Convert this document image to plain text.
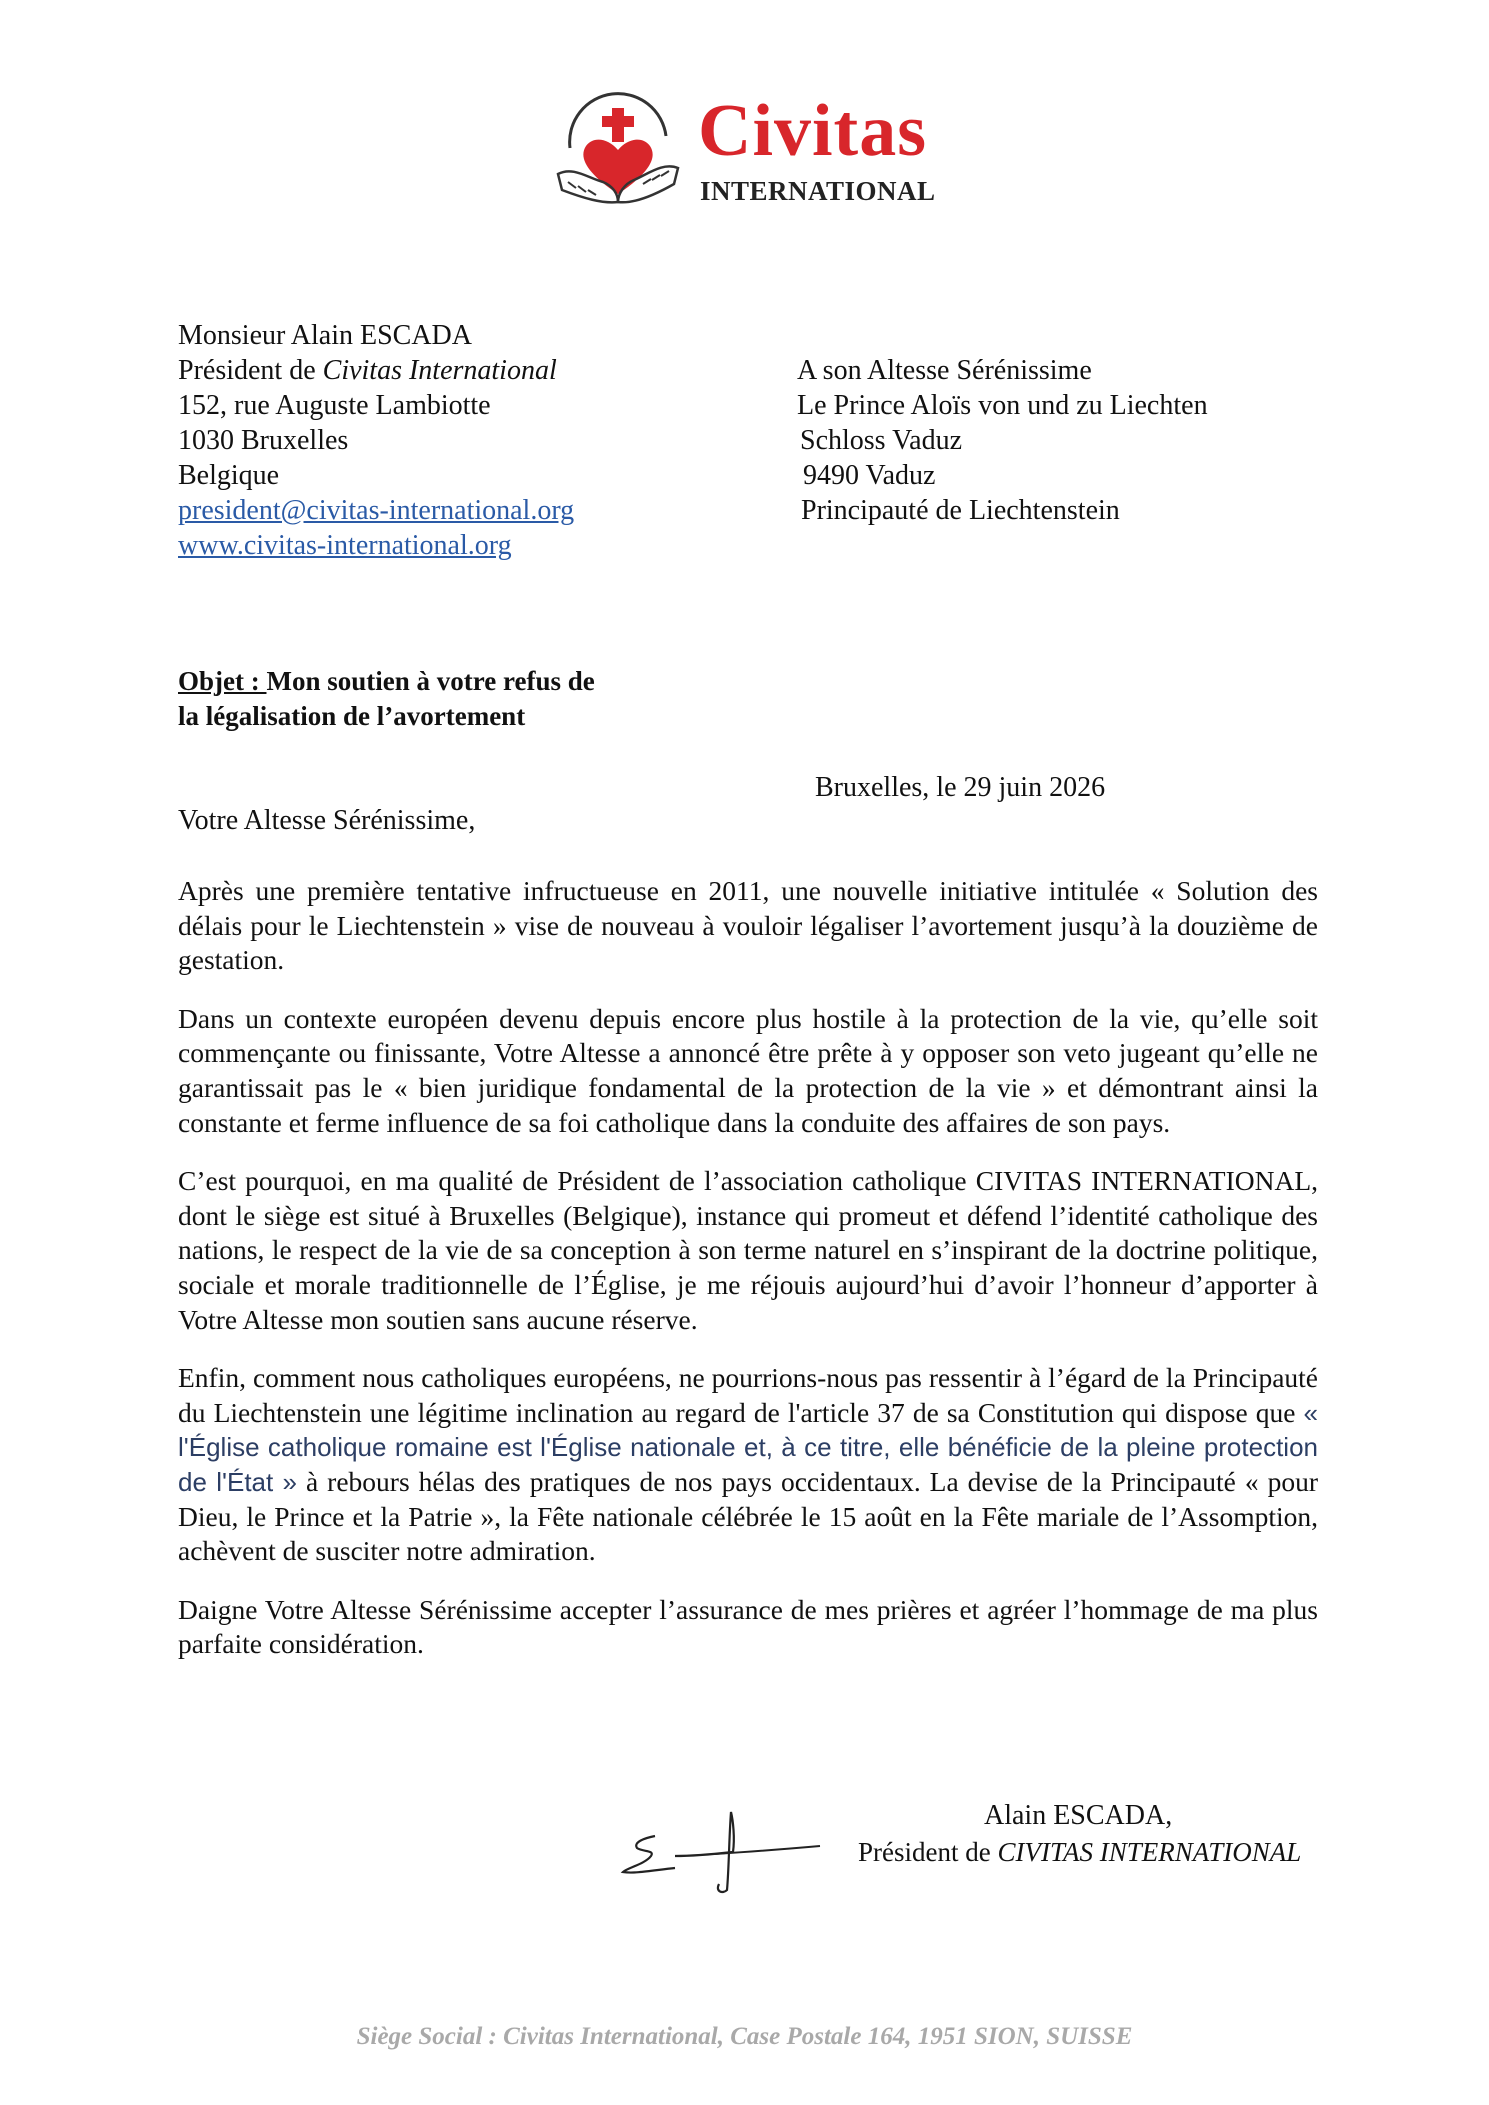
Civitas
INTERNATIONAL
Monsieur Alain ESCADA
Président de Civitas International
152, rue Auguste Lambiotte
1030 Bruxelles
Belgique
president@civitas-international.org
www.civitas-international.org
A son Altesse Sérénissime
Le Prince Aloïs von und zu Liechten
Schloss Vaduz
9490 Vaduz
Principauté de Liechtenstein
Objet : Mon soutien à votre refus de
la légalisation de l’avortement
Bruxelles, le 29 juin 2026
Votre Altesse Sérénissime,

Après une première tentative infructueuse en 2011, une nouvelle initiative intitulée « Solution des délais pour le Liechtenstein » vise de nouveau à vouloir légaliser l’avortement jusqu’à la douzième de gestation.

Dans un contexte européen devenu depuis encore plus hostile à la protection de la vie, qu’elle soit commençante ou finissante, Votre Altesse a annoncé être prête à y opposer son veto jugeant qu’elle ne garantissait pas le « bien juridique fondamental de la protection de la vie » et démontrant ainsi la constante et ferme influence de sa foi catholique dans la conduite des affaires de son pays.

C’est pourquoi, en ma qualité de Président de l’association catholique CIVITAS INTERNATIONAL, dont le siège est situé à Bruxelles (Belgique), instance qui promeut et défend l’identité catholique des nations, le respect de la vie de sa conception à son terme naturel en s’inspirant de la doctrine politique, sociale et morale traditionnelle de l’Église, je me réjouis aujourd’hui d’avoir l’honneur d’apporter à Votre Altesse mon soutien sans aucune réserve.

Enfin, comment nous catholiques européens, ne pourrions-nous pas ressentir à l’égard de la Principauté du Liechtenstein une légitime inclination au regard de l'article 37 de sa Constitution qui dispose que « l'Église catholique romaine est l'Église nationale et, à ce titre, elle bénéficie de la pleine protection de l'État » à rebours hélas des pratiques de nos pays occidentaux. La devise de la Principauté « pour Dieu, le Prince et la Patrie », la Fête nationale célébrée le 15 août en la Fête mariale de l’Assomption, achèvent de susciter notre admiration.

Daigne Votre Altesse Sérénissime accepter l’assurance de mes prières et agréer l’hommage de ma plus parfaite considération.

Alain ESCADA,
Président de CIVITAS INTERNATIONAL
Siège Social : Civitas International, Case Postale 164, 1951 SION, SUISSE
